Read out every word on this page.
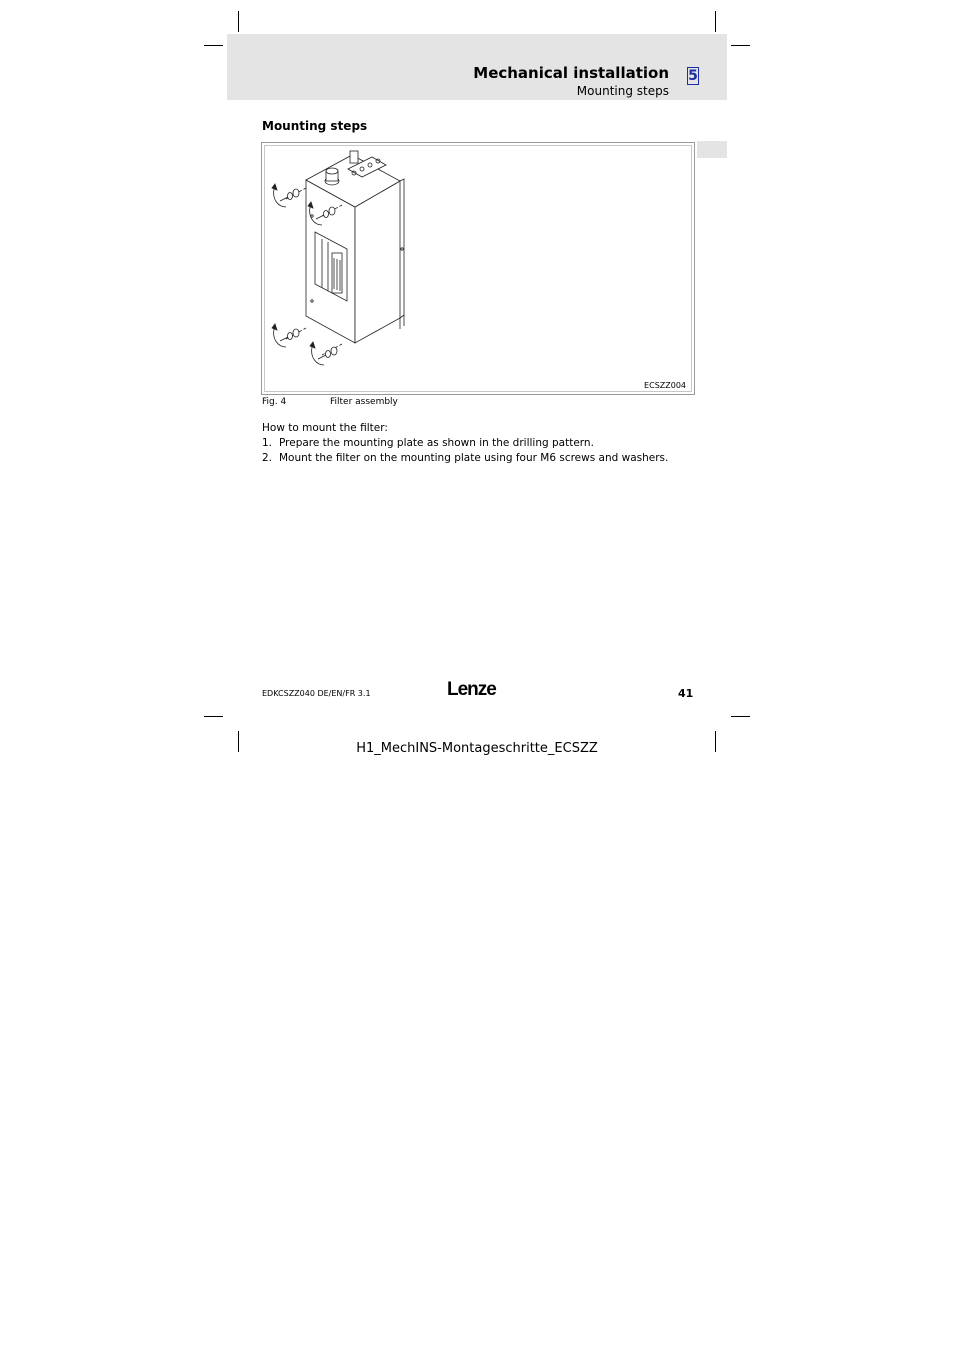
Mechanical installation 5
Mounting steps
Mounting steps
ECSZZ004
Fig. 4	Filter assembly
How to mount the filter:
1. Prepare the mounting plate as shown in the drilling pattern.
2. Mount the filter on the mounting plate using four M6 screws and washers.
EDKCSZZ040 DE/EN/FR 3.1	Lenze	41
H1_MechINS-Montageschritte_ECSZZ
